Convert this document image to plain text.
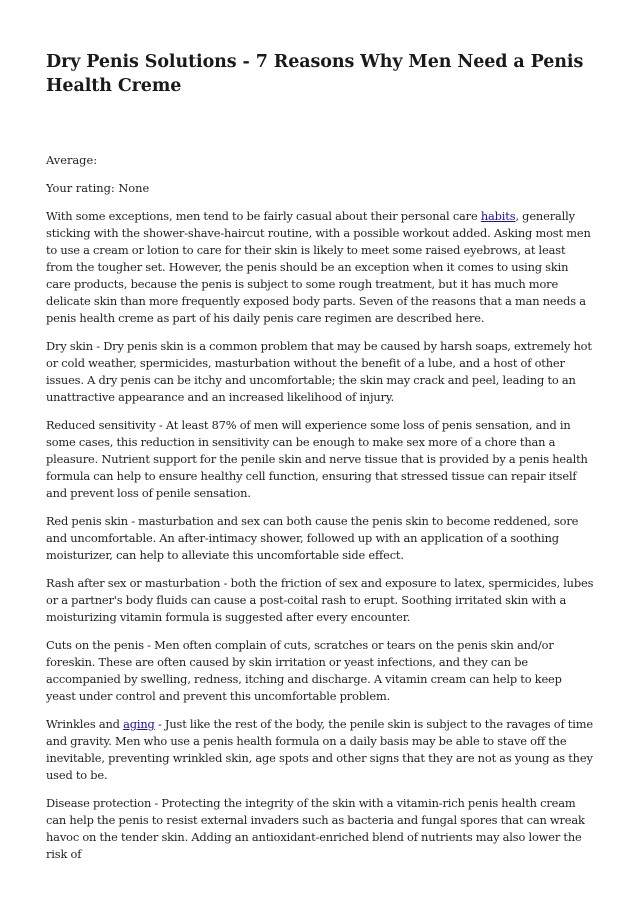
Dry Penis Solutions - 7 Reasons Why Men Need a Penis Health Creme

Average:

Your rating: None

With some exceptions, men tend to be fairly casual about their personal care habits, generally sticking with the shower-shave-haircut routine, with a possible workout added. Asking most men to use a cream or lotion to care for their skin is likely to meet some raised eyebrows, at least from the tougher set. However, the penis should be an exception when it comes to using skin care products, because the penis is subject to some rough treatment, but it has much more delicate skin than more frequently exposed body parts. Seven of the reasons that a man needs a penis health creme as part of his daily penis care regimen are described here.

Dry skin - Dry penis skin is a common problem that may be caused by harsh soaps, extremely hot or cold weather, spermicides, masturbation without the benefit of a lube, and a host of other issues. A dry penis can be itchy and uncomfortable; the skin may crack and peel, leading to an unattractive appearance and an increased likelihood of injury.

Reduced sensitivity - At least 87% of men will experience some loss of penis sensation, and in some cases, this reduction in sensitivity can be enough to make sex more of a chore than a pleasure. Nutrient support for the penile skin and nerve tissue that is provided by a penis health formula can help to ensure healthy cell function, ensuring that stressed tissue can repair itself and prevent loss of penile sensation.

Red penis skin - masturbation and sex can both cause the penis skin to become reddened, sore and uncomfortable. An after-intimacy shower, followed up with an application of a soothing moisturizer, can help to alleviate this uncomfortable side effect.

Rash after sex or masturbation - both the friction of sex and exposure to latex, spermicides, lubes or a partner's body fluids can cause a post-coital rash to erupt. Soothing irritated skin with a moisturizing vitamin formula is suggested after every encounter.

Cuts on the penis - Men often complain of cuts, scratches or tears on the penis skin and/or foreskin. These are often caused by skin irritation or yeast infections, and they can be accompanied by swelling, redness, itching and discharge. A vitamin cream can help to keep yeast under control and prevent this uncomfortable problem.

Wrinkles and aging - Just like the rest of the body, the penile skin is subject to the ravages of time and gravity. Men who use a penis health formula on a daily basis may be able to stave off the inevitable, preventing wrinkled skin, age spots and other signs that they are not as young as they used to be.

Disease protection - Protecting the integrity of the skin with a vitamin-rich penis health cream can help the penis to resist external invaders such as bacteria and fungal spores that can wreak havoc on the tender skin. Adding an antioxidant-enriched blend of nutrients may also lower the risk of
